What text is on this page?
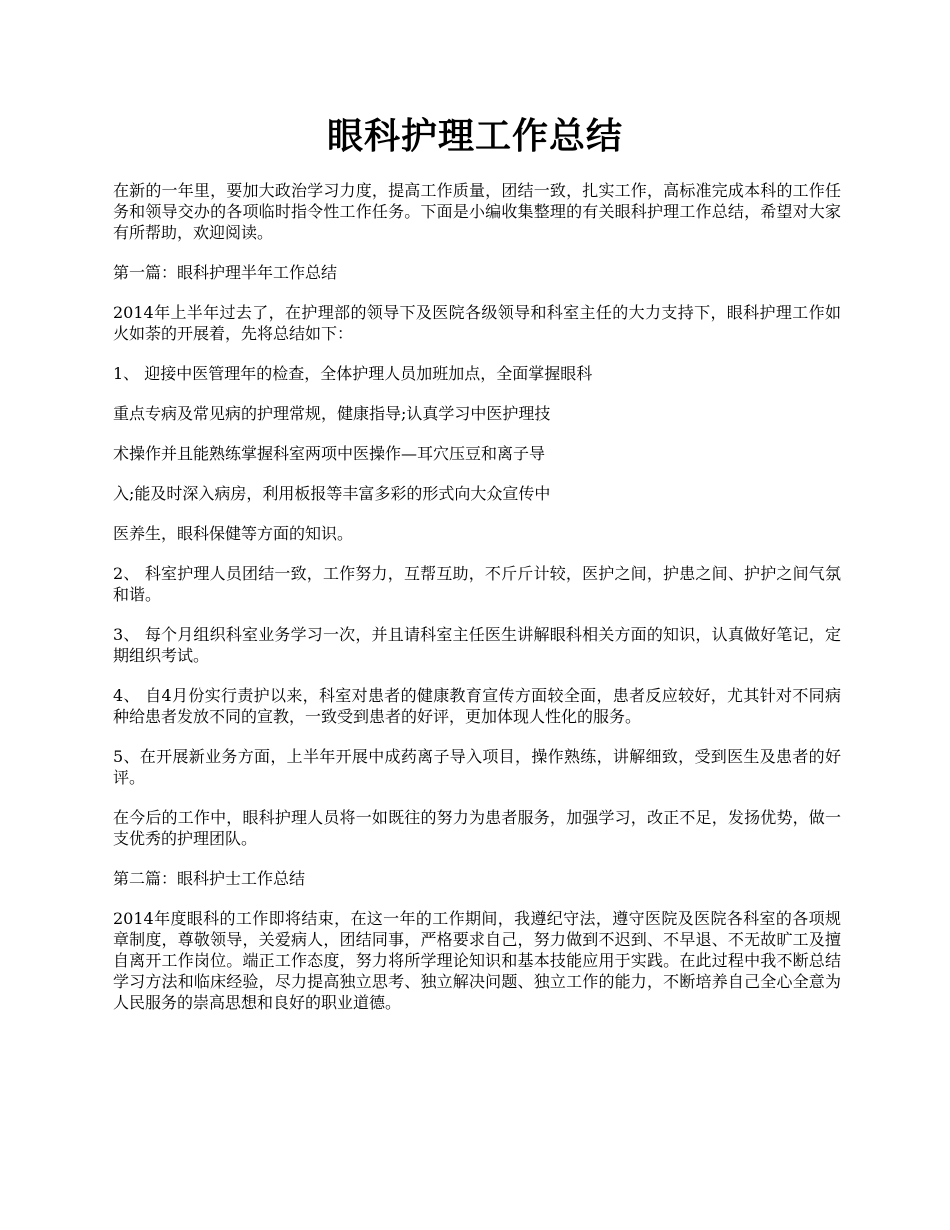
眼科护理工作总结

在新的一年里，要加大政治学习力度，提高工作质量，团结一致，扎实工作，高标准完成本科的工作任务和领导交办的各项临时指令性工作任务。下面是小编收集整理的有关眼科护理工作总结，希望对大家有所帮助，欢迎阅读。

第一篇：眼科护理半年工作总结

2014年上半年过去了，在护理部的领导下及医院各级领导和科室主任的大力支持下，眼科护理工作如火如荼的开展着，先将总结如下：

1、 迎接中医管理年的检查，全体护理人员加班加点，全面掌握眼科

重点专病及常见病的护理常规，健康指导;认真学习中医护理技

术操作并且能熟练掌握科室两项中医操作—耳穴压豆和离子导

入;能及时深入病房，利用板报等丰富多彩的形式向大众宣传中

医养生，眼科保健等方面的知识。

2、 科室护理人员团结一致，工作努力，互帮互助，不斤斤计较，医护之间，护患之间、护护之间气氛和谐。

3、 每个月组织科室业务学习一次，并且请科室主任医生讲解眼科相关方面的知识，认真做好笔记，定期组织考试。

4、 自4月份实行责护以来，科室对患者的健康教育宣传方面较全面，患者反应较好，尤其针对不同病种给患者发放不同的宣教，一致受到患者的好评，更加体现人性化的服务。

5、在开展新业务方面，上半年开展中成药离子导入项目，操作熟练，讲解细致，受到医生及患者的好评。

在今后的工作中，眼科护理人员将一如既往的努力为患者服务，加强学习，改正不足，发扬优势，做一支优秀的护理团队。

第二篇：眼科护士工作总结

2014年度眼科的工作即将结束，在这一年的工作期间，我遵纪守法，遵守医院及医院各科室的各项规章制度，尊敬领导，关爱病人，团结同事，严格要求自己，努力做到不迟到、不早退、不无故旷工及擅自离开工作岗位。端正工作态度，努力将所学理论知识和基本技能应用于实践。在此过程中我不断总结学习方法和临床经验，尽力提高独立思考、独立解决问题、独立工作的能力，不断培养自己全心全意为人民服务的崇高思想和良好的职业道德。
